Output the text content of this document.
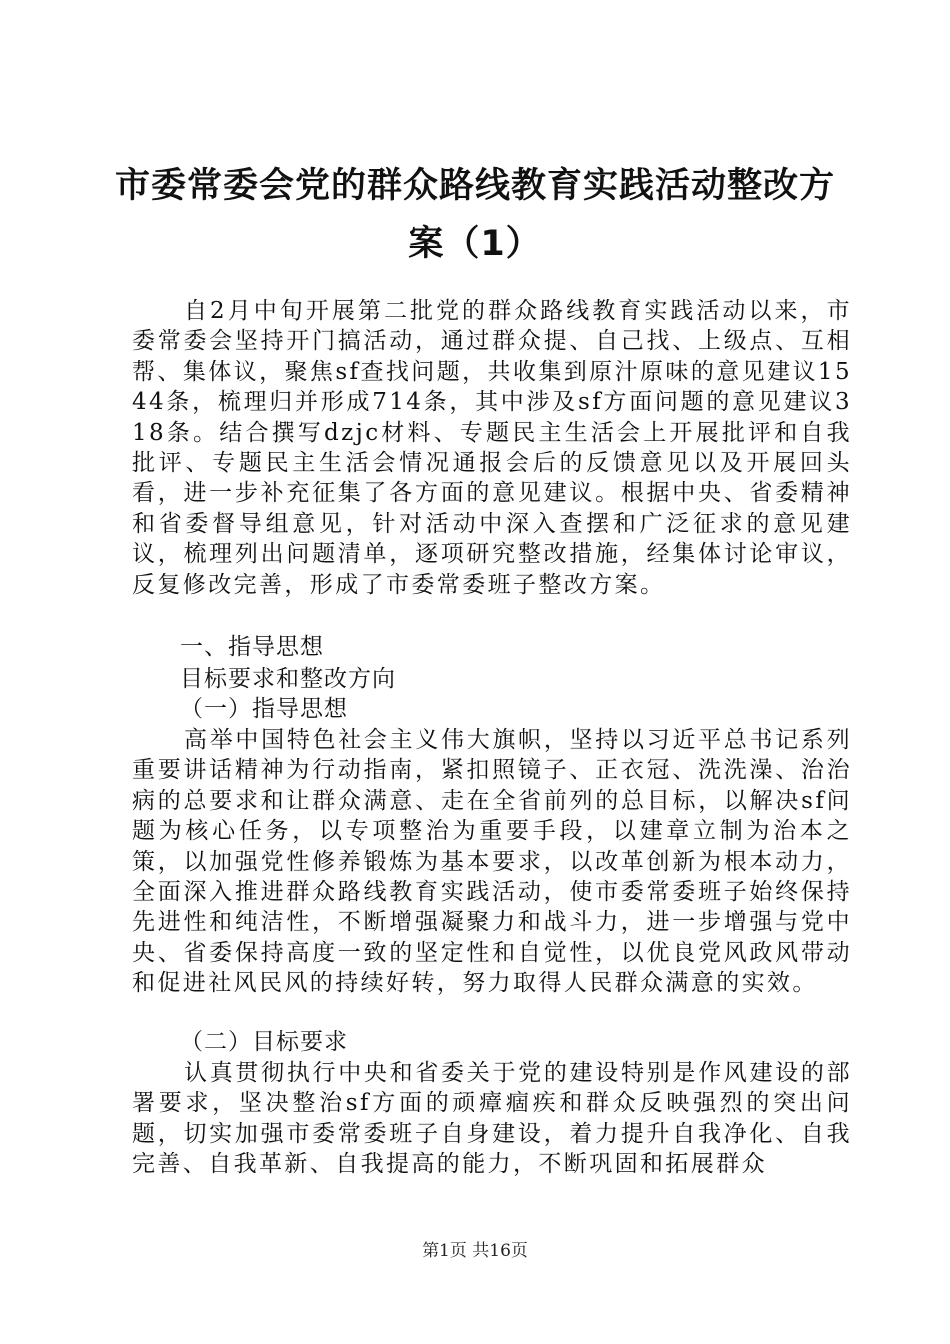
市委常委会党的群众路线教育实践活动整改方
案（1）

自2月中旬开展第二批党的群众路线教育实践活动以来，市委常委会坚持开门搞活动，通过群众提、自己找、上级点、互相帮、集体议，聚焦sf查找问题，共收集到原汁原味的意见建议1544条，梳理归并形成714条，其中涉及sf方面问题的意见建议318条。结合撰写dzjc材料、专题民主生活会上开展批评和自我批评、专题民主生活会情况通报会后的反馈意见以及开展回头看，进一步补充征集了各方面的意见建议。根据中央、省委精神和省委督导组意见，针对活动中深入查摆和广泛征求的意见建议，梳理列出问题清单，逐项研究整改措施，经集体讨论审议，反复修改完善，形成了市委常委班子整改方案。

一、指导思想

目标要求和整改方向

（一）指导思想

高举中国特色社会主义伟大旗帜，坚持以习近平总书记系列重要讲话精神为行动指南，紧扣照镜子、正衣冠、洗洗澡、治治病的总要求和让群众满意、走在全省前列的总目标，以解决sf问题为核心任务，以专项整治为重要手段，以建章立制为治本之策，以加强党性修养锻炼为基本要求，以改革创新为根本动力，全面深入推进群众路线教育实践活动，使市委常委班子始终保持先进性和纯洁性，不断增强凝聚力和战斗力，进一步增强与党中央、省委保持高度一致的坚定性和自觉性，以优良党风政风带动和促进社风民风的持续好转，努力取得人民群众满意的实效。

（二）目标要求

认真贯彻执行中央和省委关于党的建设特别是作风建设的部署要求，坚决整治sf方面的顽瘴痼疾和群众反映强烈的突出问题，切实加强市委常委班子自身建设，着力提升自我净化、自我完善、自我革新、自我提高的能力，不断巩固和拓展群众

第1页 共16页
